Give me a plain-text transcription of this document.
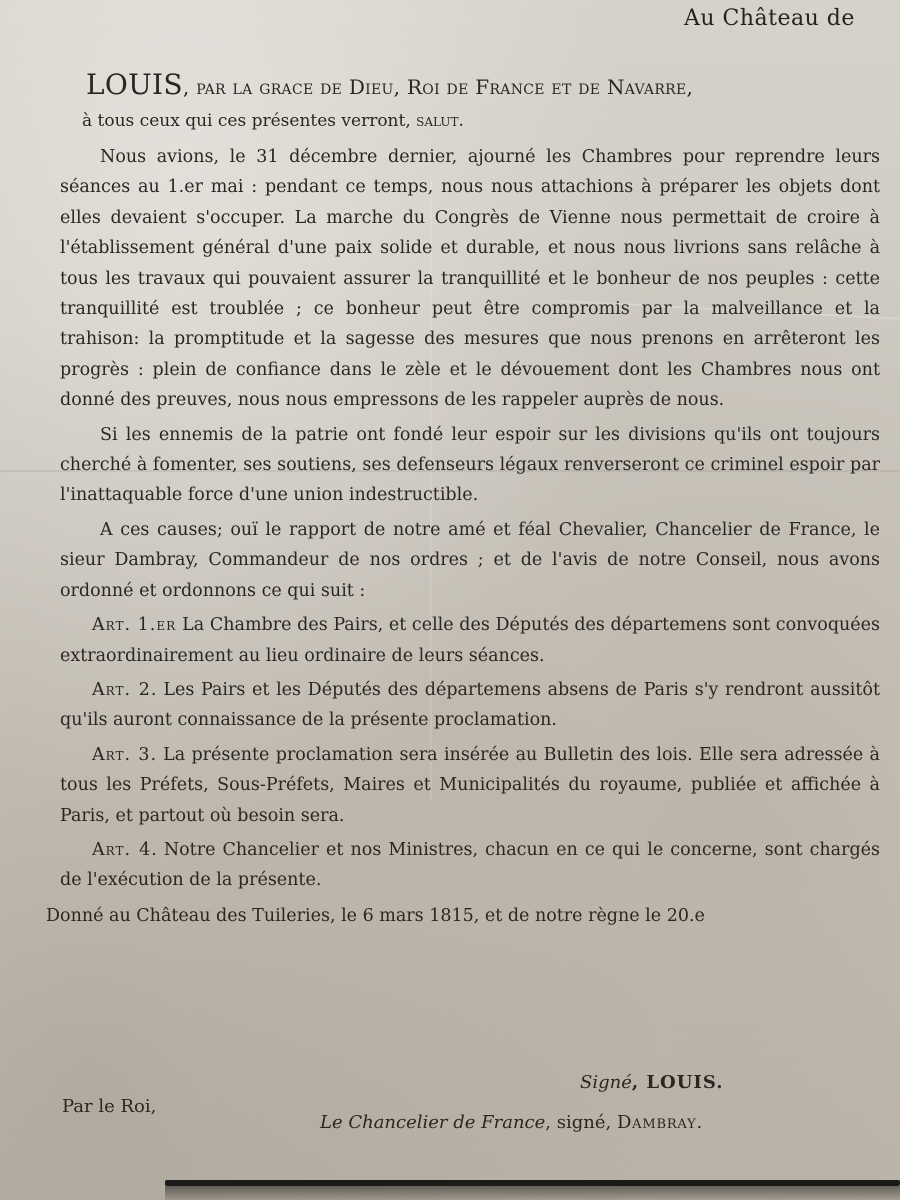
Au Château de
LOUIS, par la grace de Dieu, Roi de France et de Navarre,
à tous ceux qui ces présentes verront, salut.

Nous avions, le 31 décembre dernier, ajourné les Chambres pour reprendre leurs séances au 1.er mai : pendant ce temps, nous nous attachions à préparer les objets dont elles devaient s'occuper. La marche du Congrès de Vienne nous permettait de croire à l'établissement général d'une paix solide et durable, et nous nous livrions sans relâche à tous les travaux qui pouvaient assurer la tranquillité et le bonheur de nos peuples : cette tranquillité est troublée ; ce bonheur peut être compromis par la malveillance et la trahison: la promptitude et la sagesse des mesures que nous prenons en arrêteront les progrès : plein de confiance dans le zèle et le dévouement dont les Chambres nous ont donné des preuves, nous nous empressons de les rappeler auprès de nous.

Si les ennemis de la patrie ont fondé leur espoir sur les divisions qu'ils ont toujours cherché à fomenter, ses soutiens, ses defenseurs légaux renverseront ce criminel espoir par l'inattaquable force d'une union indestructible.

A ces causes; ouï le rapport de notre amé et féal Chevalier, Chancelier de France, le sieur Dambray, Commandeur de nos ordres ; et de l'avis de notre Conseil, nous avons ordonné et ordonnons ce qui suit :

Art. 1.er La Chambre des Pairs, et celle des Députés des départemens sont convoquées extraordinairement au lieu ordinaire de leurs séances.

Art. 2. Les Pairs et les Députés des départemens absens de Paris s'y rendront aussitôt qu'ils auront connaissance de la présente proclamation.

Art. 3. La présente proclamation sera insérée au Bulletin des lois. Elle sera adressée à tous les Préfets, Sous-Préfets, Maires et Municipalités du royaume, publiée et affichée à Paris, et partout où besoin sera.

Art. 4. Notre Chancelier et nos Ministres, chacun en ce qui le concerne, sont chargés de l'exécution de la présente.

Donné au Château des Tuileries, le 6 mars 1815, et de notre règne le 20.e
Signé, LOUIS.
Par le Roi,
Le Chancelier de France, signé, Dambray.
